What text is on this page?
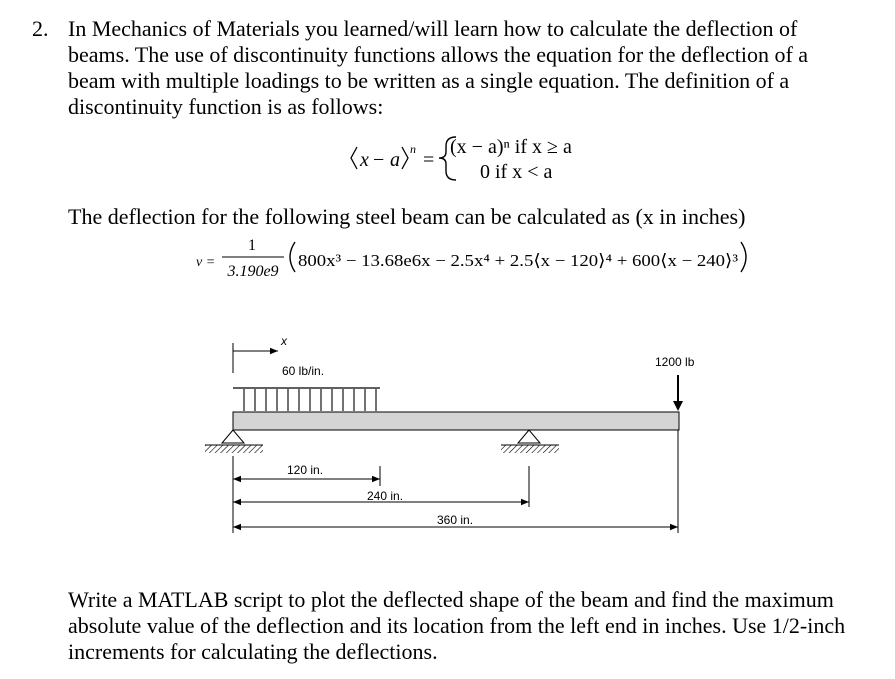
2. In Mechanics of Materials you learned/will learn how to calculate the deflection of
beams. The use of discontinuity functions allows the equation for the deflection of a
beam with multiple loadings to be written as a single equation. The definition of a
discontinuity function is as follows:
x − a n =
(x − a)ⁿ if x ≥ a
0 if x < a
The deflection for the following steel beam can be calculated as (x in inches)
v =
1
3.190e9
800x³ − 13.68e6x − 2.5x⁴ + 2.5⟨x − 120⟩⁴ + 600⟨x − 240⟩³
x
60 lb/in.
1200 lb
120 in.
240 in.
360 in.
Write a MATLAB script to plot the deflected shape of the beam and find the maximum
absolute value of the deflection and its location from the left end in inches. Use 1/2-inch
increments for calculating the deflections.
